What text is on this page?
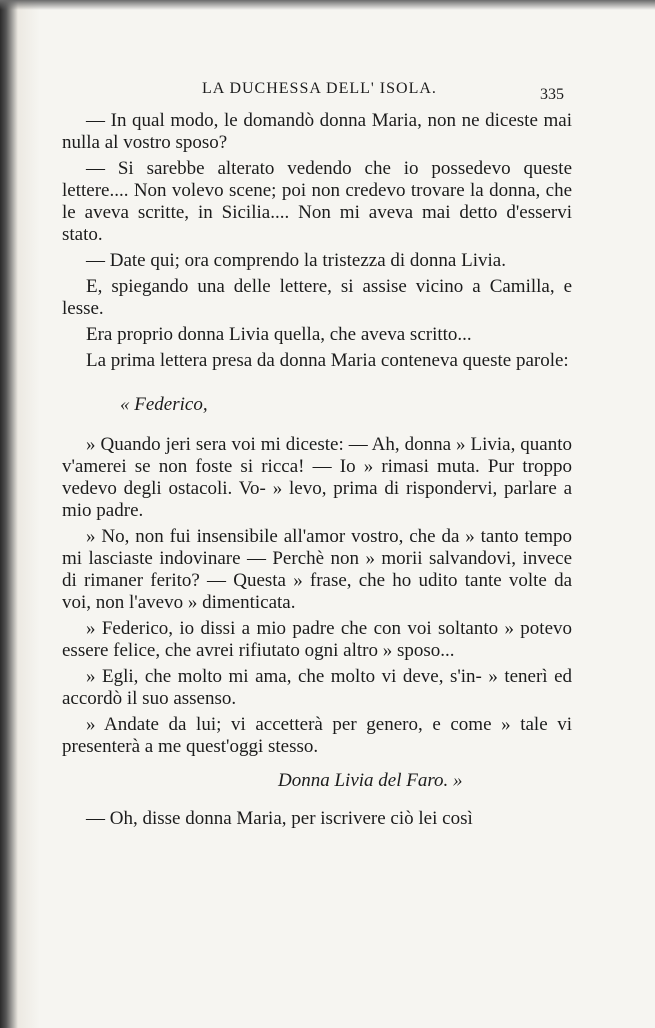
LA DUCHESSA DELL' ISOLA.	335
— In qual modo, le domandò donna Maria, non ne diceste mai nulla al vostro sposo?
— Si sarebbe alterato vedendo che io possedevo queste lettere.... Non volevo scene; poi non credevo trovare la donna, che le aveva scritte, in Sicilia.... Non mi aveva mai detto d'esservi stato.
— Date qui; ora comprendo la tristezza di donna Livia.
E, spiegando una delle lettere, si assise vicino a Camilla, e lesse.
Era proprio donna Livia quella, che aveva scritto...
La prima lettera presa da donna Maria conteneva queste parole:
« Federico,
» Quando jeri sera voi mi diceste: — Ah, donna » Livia, quanto v'amerei se non foste si ricca! — Io » rimasi muta. Pur troppo vedevo degli ostacoli. Vo- » levo, prima di rispondervi, parlare a mio padre.
» No, non fui insensibile all'amor vostro, che da » tanto tempo mi lasciaste indovinare — Perchè non » morii salvandovi, invece di rimaner ferito? — Questa » frase, che ho udito tante volte da voi, non l'avevo » dimenticata.
» Federico, io dissi a mio padre che con voi soltanto » potevo essere felice, che avrei rifiutato ogni altro » sposo...
» Egli, che molto mi ama, che molto vi deve, s'in- » tenerì ed accordò il suo assenso.
» Andate da lui; vi accetterà per genero, e come » tale vi presenterà a me quest'oggi stesso.
Donna Livia del Faro. »
— Oh, disse donna Maria, per iscrivere ciò lei così
